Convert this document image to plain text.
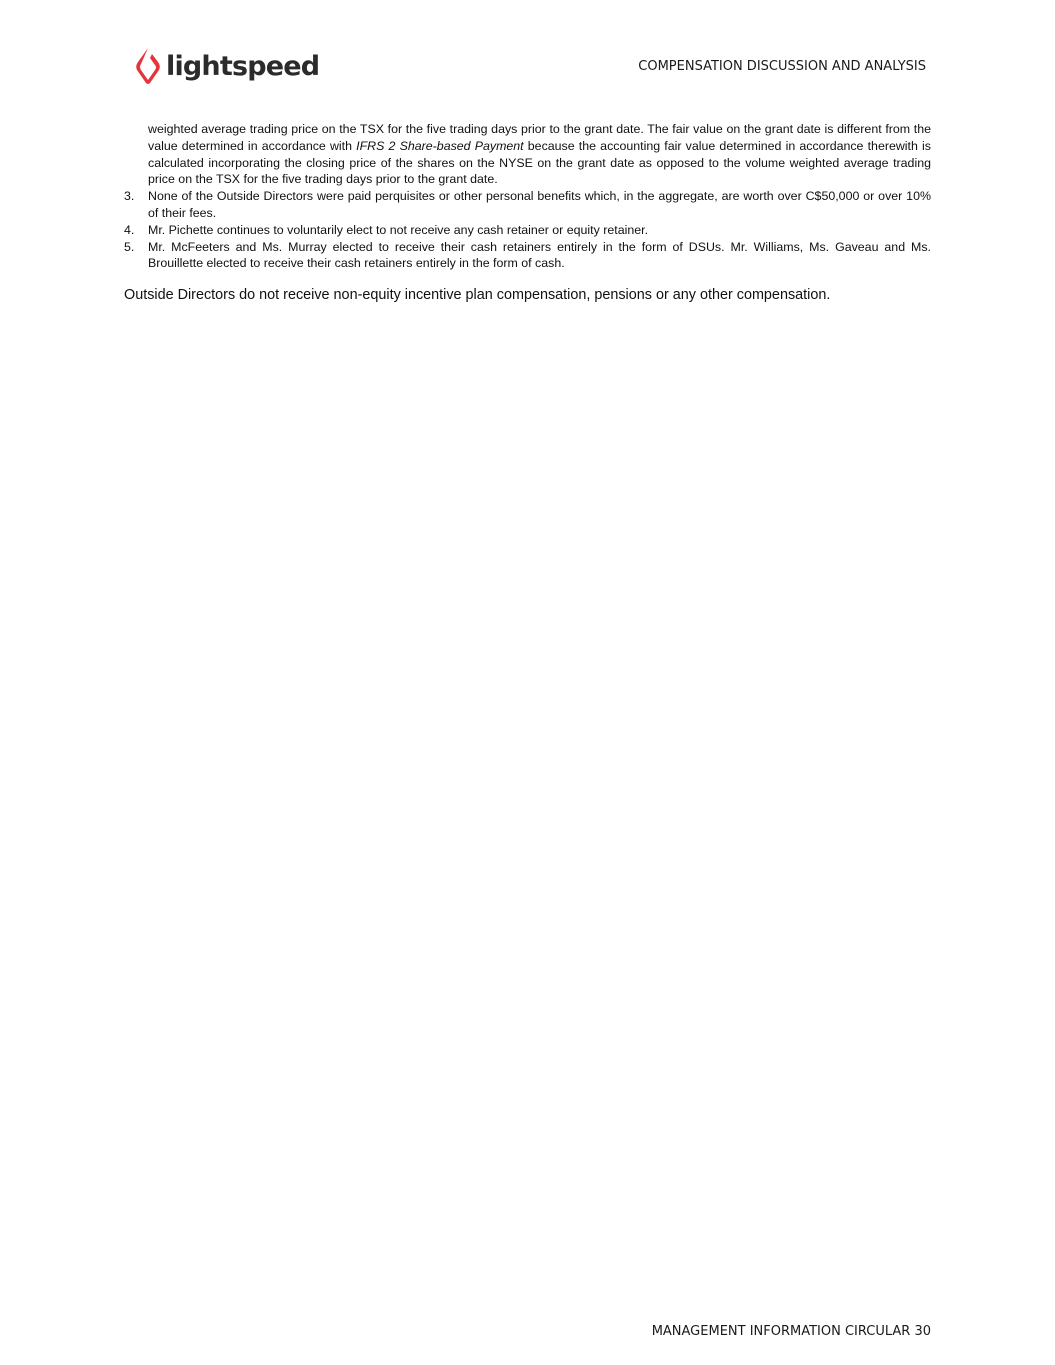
lightspeed	COMPENSATION DISCUSSION AND ANALYSIS
weighted average trading price on the TSX for the five trading days prior to the grant date. The fair value on the grant date is different from the value determined in accordance with IFRS 2 Share-based Payment because the accounting fair value determined in accordance therewith is calculated incorporating the closing price of the shares on the NYSE on the grant date as opposed to the volume weighted average trading price on the TSX for the five trading days prior to the grant date.
3.	None of the Outside Directors were paid perquisites or other personal benefits which, in the aggregate, are worth over C$50,000 or over 10% of their fees.
4.	Mr. Pichette continues to voluntarily elect to not receive any cash retainer or equity retainer.
5.	Mr. McFeeters and Ms. Murray elected to receive their cash retainers entirely in the form of DSUs. Mr. Williams, Ms. Gaveau and Ms. Brouillette elected to receive their cash retainers entirely in the form of cash.

Outside Directors do not receive non-equity incentive plan compensation, pensions or any other compensation.

MANAGEMENT INFORMATION CIRCULAR 30
